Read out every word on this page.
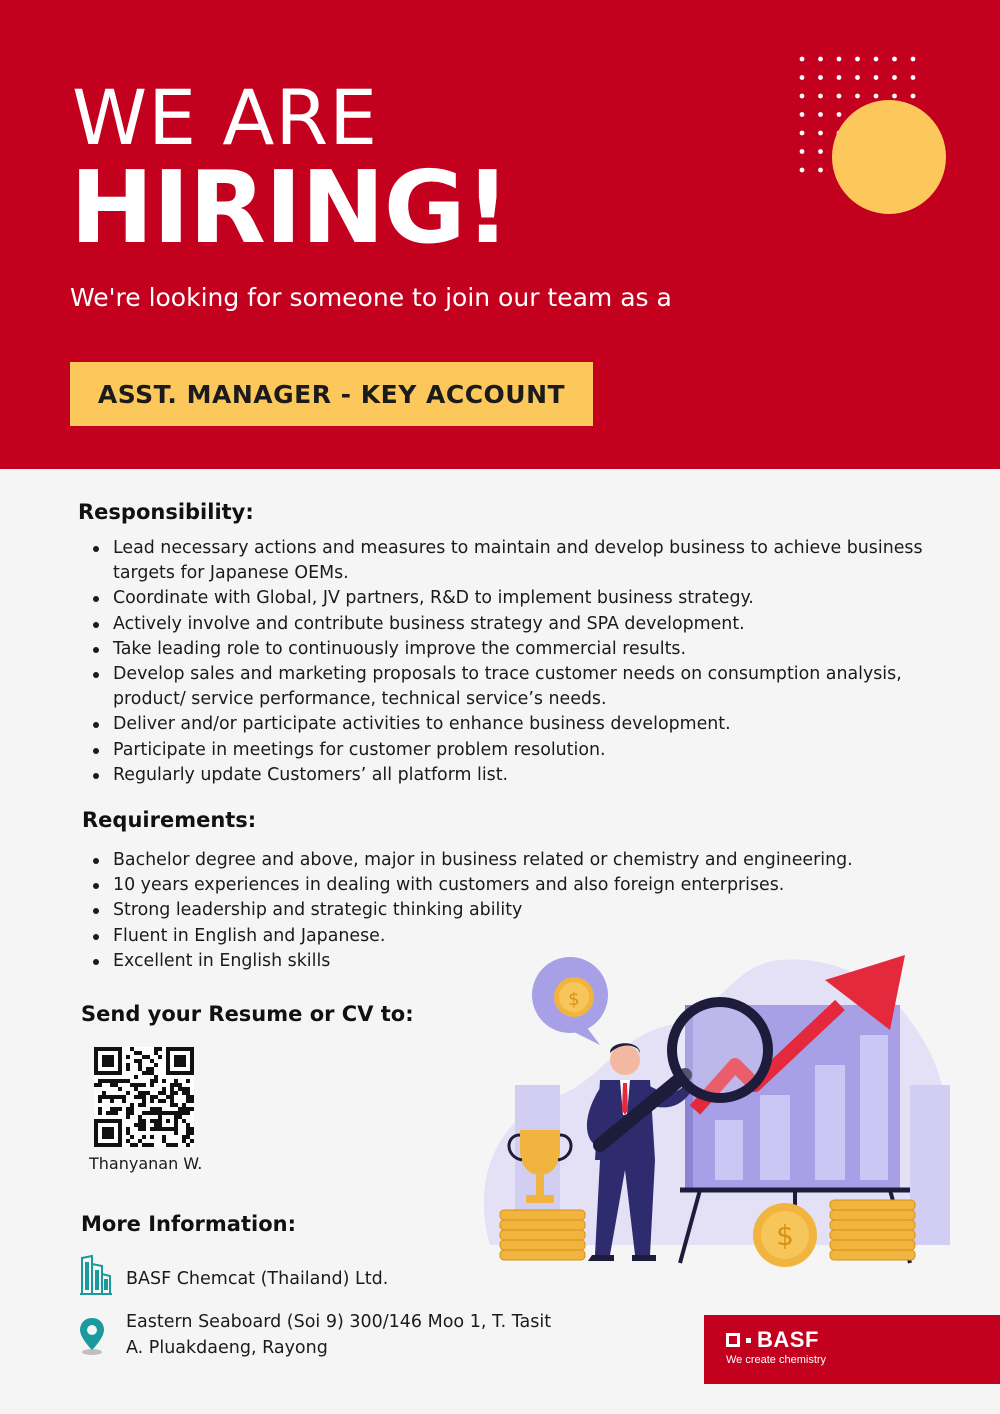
WE ARE
HIRING!
We're looking for someone to join our team as a
ASST. MANAGER - KEY ACCOUNT
Responsibility:
Lead necessary actions and measures to maintain and develop business to achieve business targets for Japanese OEMs.
Coordinate with Global, JV partners, R&D to implement business strategy.
Actively involve and contribute business strategy and SPA development.
Take leading role to continuously improve the commercial results.
Develop sales and marketing proposals to trace customer needs on consumption analysis, product/ service performance, technical service’s needs.
Deliver and/or participate activities to enhance business development.
Participate in meetings for customer problem resolution.
Regularly update Customers’ all platform list.
Requirements:
Bachelor degree and above, major in business related or chemistry and engineering.
10 years experiences in dealing with customers and also foreign enterprises.
Strong leadership and strategic thinking ability
Fluent in English and Japanese.
Excellent in English skills
Send your Resume or CV to:
Thanyanan W.
More Information:
BASF Chemcat (Thailand) Ltd.
Eastern Seaboard (Soi 9) 300/146 Moo 1, T. Tasit
A. Pluakdaeng, Rayong
$
$
BASF
We create chemistry
